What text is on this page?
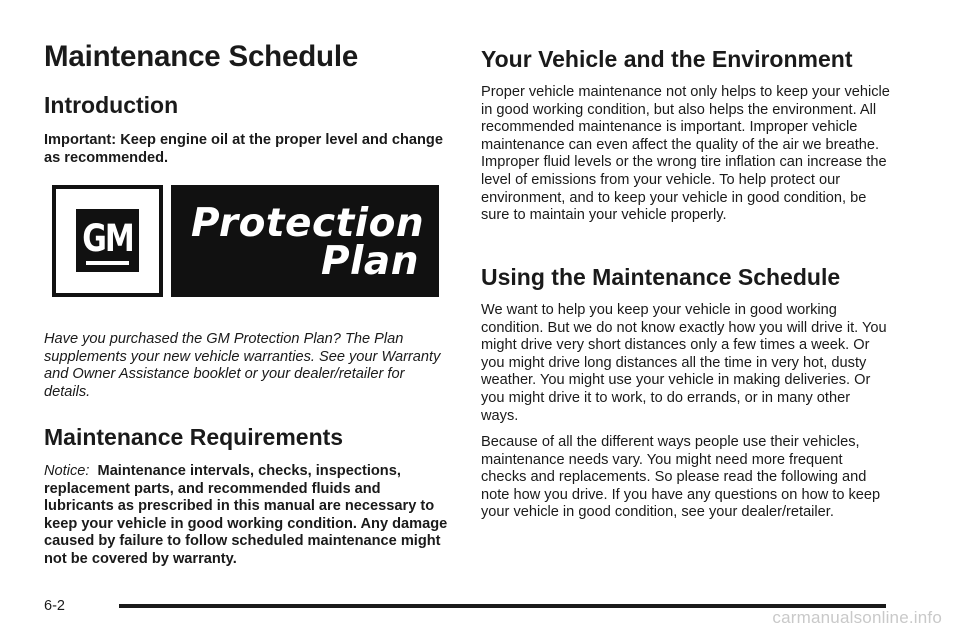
Maintenance Schedule
Introduction
Important: Keep engine oil at the proper level and change as recommended.
Have you purchased the GM Protection Plan? The Plan supplements your new vehicle warranties. See your Warranty and Owner Assistance booklet or your dealer/retailer for details.
Maintenance Requirements
Notice: Maintenance intervals, checks, inspections, replacement parts, and recommended fluids and lubricants as prescribed in this manual are necessary to keep your vehicle in good working condition. Any damage caused by failure to follow scheduled maintenance might not be covered by warranty.
GM Protection
Plan
Your Vehicle and the Environment
Proper vehicle maintenance not only helps to keep your vehicle in good working condition, but also helps the environment. All recommended maintenance is important. Improper vehicle maintenance can even affect the quality of the air we breathe. Improper fluid levels or the wrong tire inflation can increase the level of emissions from your vehicle. To help protect our environment, and to keep your vehicle in good condition, be sure to maintain your vehicle properly.
Using the Maintenance Schedule
We want to help you keep your vehicle in good working condition. But we do not know exactly how you will drive it. You might drive very short distances only a few times a week. Or you might drive long distances all the time in very hot, dusty weather. You might use your vehicle in making deliveries. Or you might drive it to work, to do errands, or in many other ways.
Because of all the different ways people use their vehicles, maintenance needs vary. You might need more frequent checks and replacements. So please read the following and note how you drive. If you have any questions on how to keep your vehicle in good condition, see your dealer/retailer.
6-2
carmanualsonline.info
